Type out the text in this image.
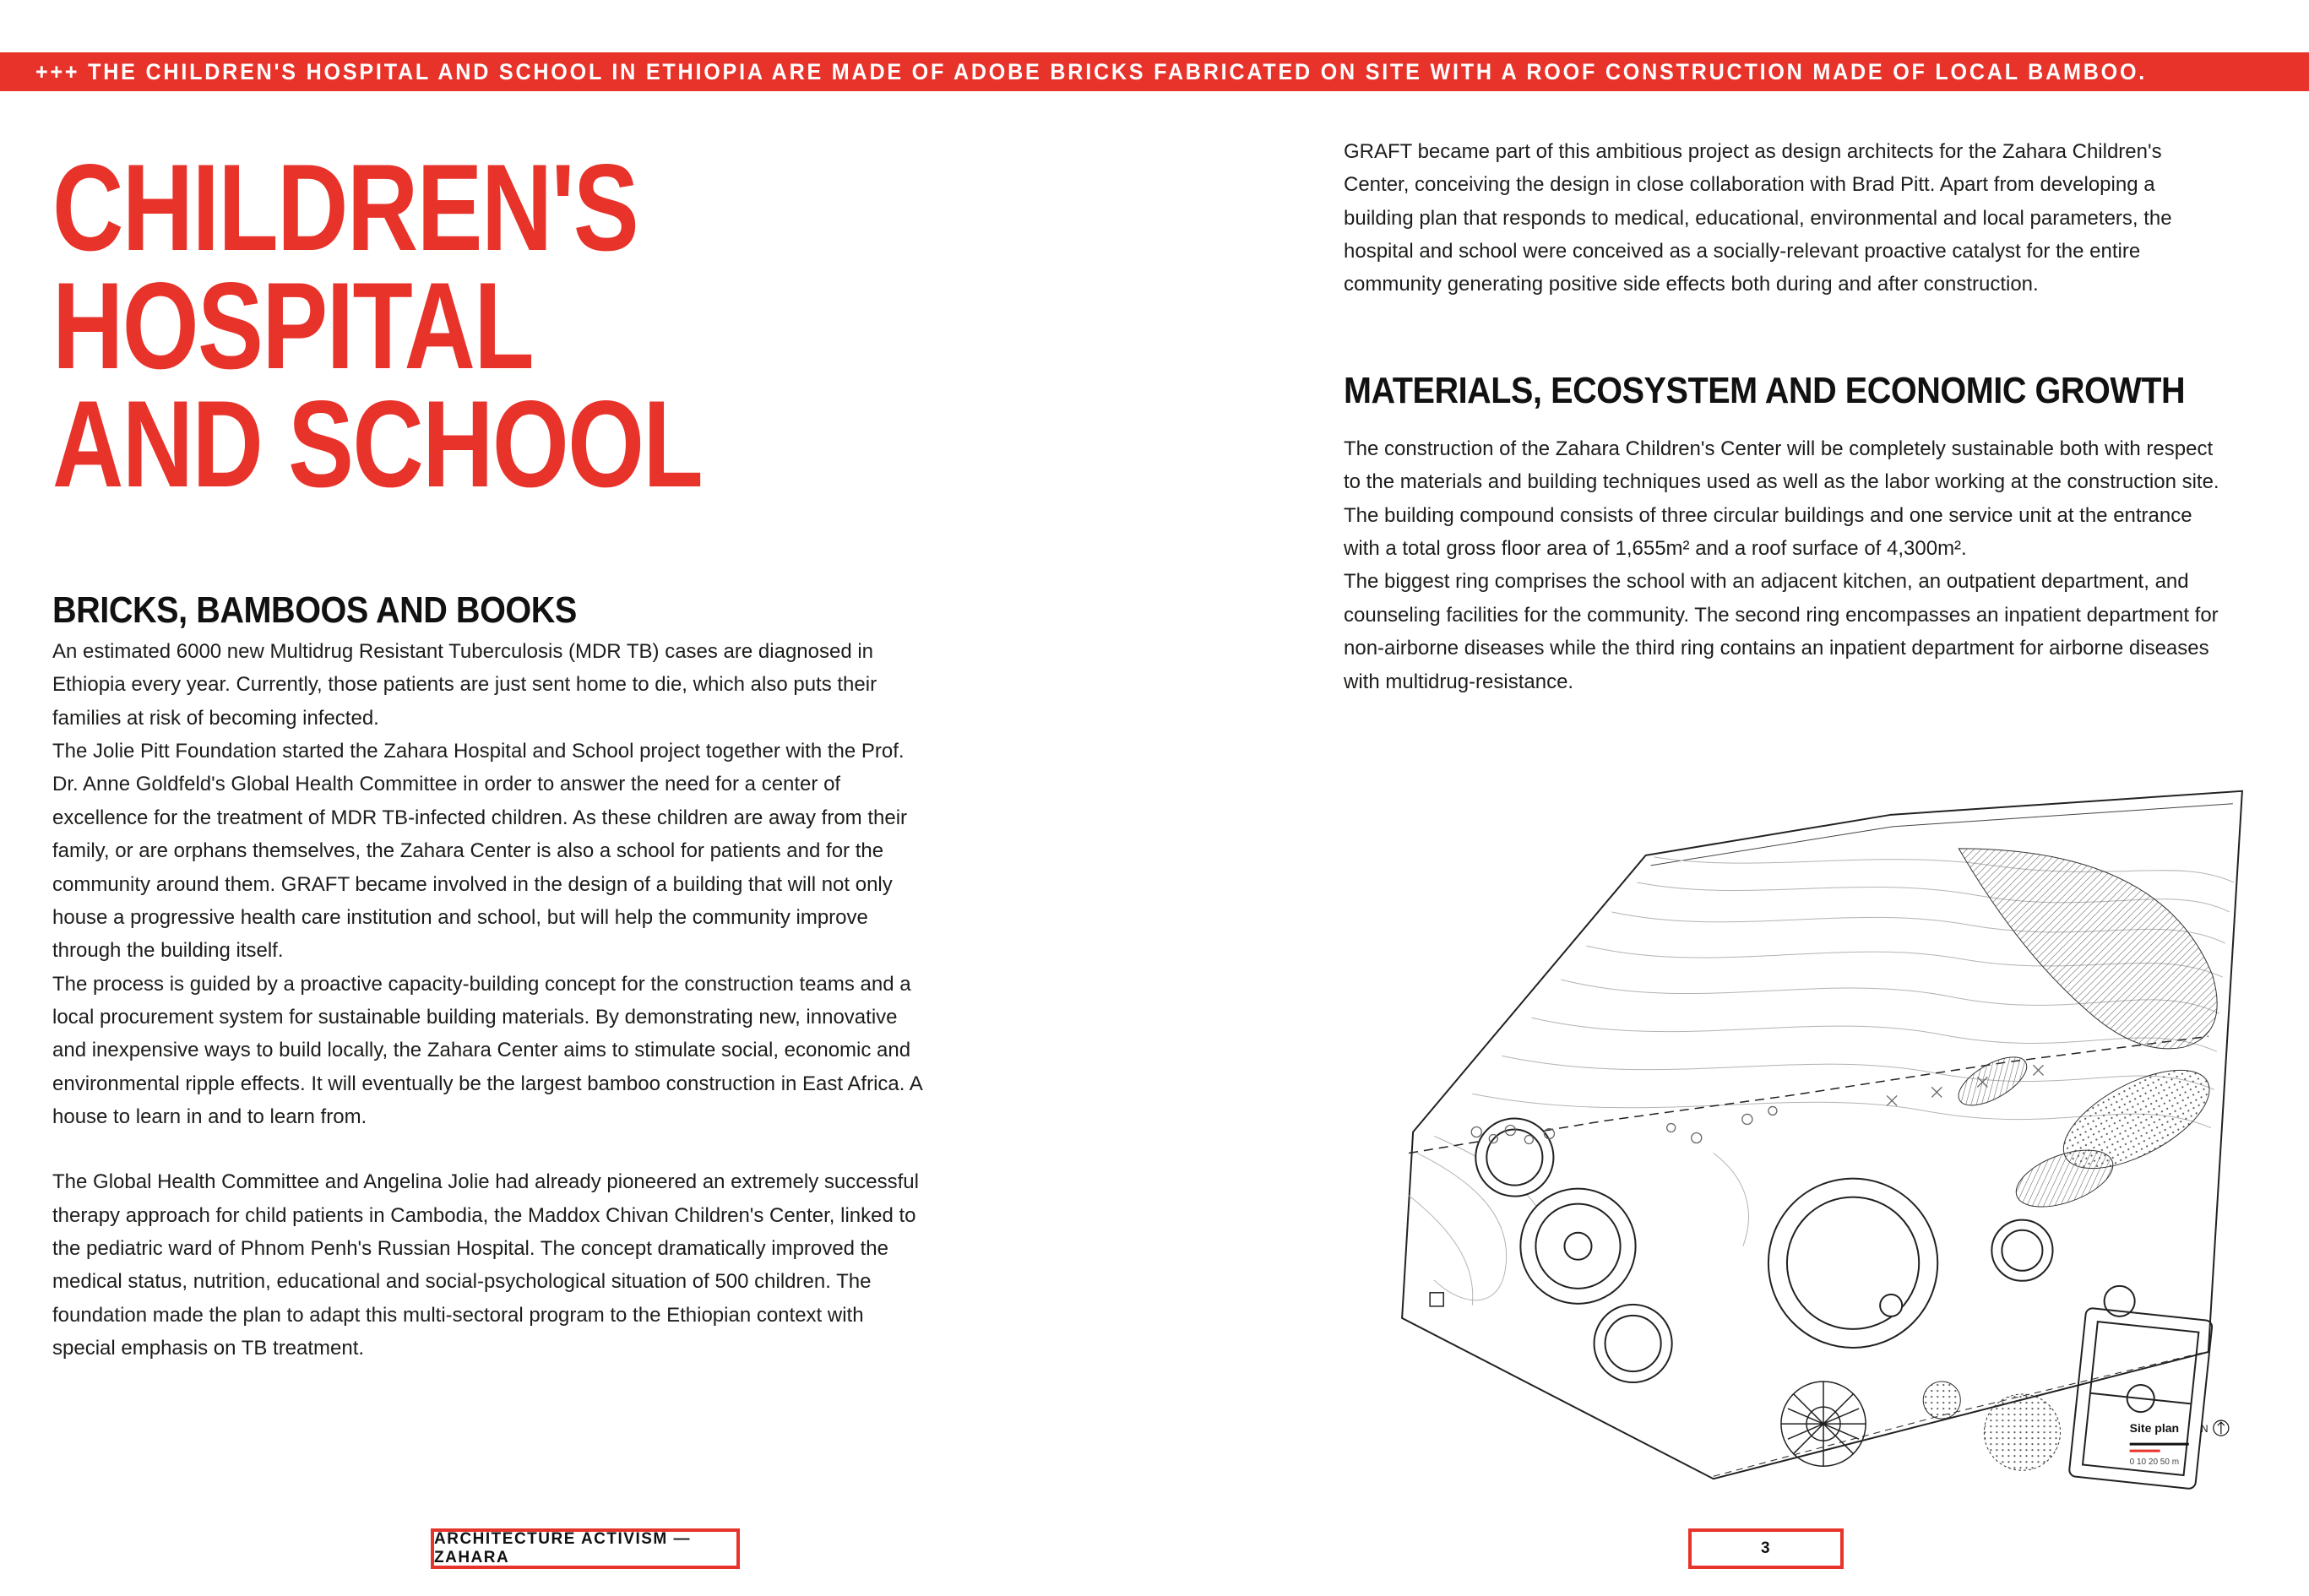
+++ THE CHILDREN'S HOSPITAL AND SCHOOL IN ETHIOPIA ARE MADE OF ADOBE BRICKS FABRICATED ON SITE WITH A ROOF CONSTRUCTION MADE OF LOCAL BAMBOO.
CHILDREN'S
HOSPITAL
AND SCHOOL
BRICKS, BAMBOOS AND BOOKS

An estimated 6000 new Multidrug Resistant Tuberculosis (MDR TB) cases are diagnosed in Ethiopia every year. Currently, those patients are just sent home to die, which also puts their families at risk of becoming infected.

The Jolie Pitt Foundation started the Zahara Hospital and School project together with the Prof. Dr. Anne Goldfeld's Global Health Committee in order to answer the need for a center of excellence for the treatment of MDR TB-infected children. As these children are away from their family, or are orphans themselves, the Zahara Center is also a school for patients and for the community around them. GRAFT became involved in the design of a building that will not only house a progressive health care institution and school, but will help the community improve through the building itself.

The process is guided by a proactive capacity-building concept for the construction teams and a local procurement system for sustainable building materials. By demonstrating new, innovative and inexpensive ways to build locally, the Zahara Center aims to stimulate social, economic and environmental ripple effects. It will eventually be the largest bamboo construction in East Africa. A house to learn in and to learn from.

The Global Health Committee and Angelina Jolie had already pioneered an extremely successful therapy approach for child patients in Cambodia, the Maddox Chivan Children's Center, linked to the pediatric ward of Phnom Penh's Russian Hospital. The concept dramatically improved the medical status, nutrition, educational and social-psychological situation of 500 children. The foundation made the plan to adapt this multi-sectoral program to the Ethiopian context with special emphasis on TB treatment.

ARCHITECTURE ACTIVISM — ZAHARA

GRAFT became part of this ambitious project as design architects for the Zahara Children's Center, conceiving the design in close collaboration with Brad Pitt. Apart from developing a building plan that responds to medical, educational, environmental and local parameters, the hospital and school were conceived as a socially-relevant proactive catalyst for the entire community generating positive side effects both during and after construction.

MATERIALS, ECOSYSTEM AND ECONOMIC GROWTH

The construction of the Zahara Children's Center will be completely sustainable both with respect to the materials and building techniques used as well as the labor working at the construction site.

The building compound consists of three circular buildings and one service unit at the entrance with a total gross floor area of 1,655m² and a roof surface of 4,300m².

The biggest ring comprises the school with an adjacent kitchen, an outpatient department, and counseling facilities for the community. The second ring encompasses an inpatient department for non-airborne diseases while the third ring contains an inpatient department for airborne diseases with multidrug-resistance.

Site plan N
0 10 20 50 m
3
